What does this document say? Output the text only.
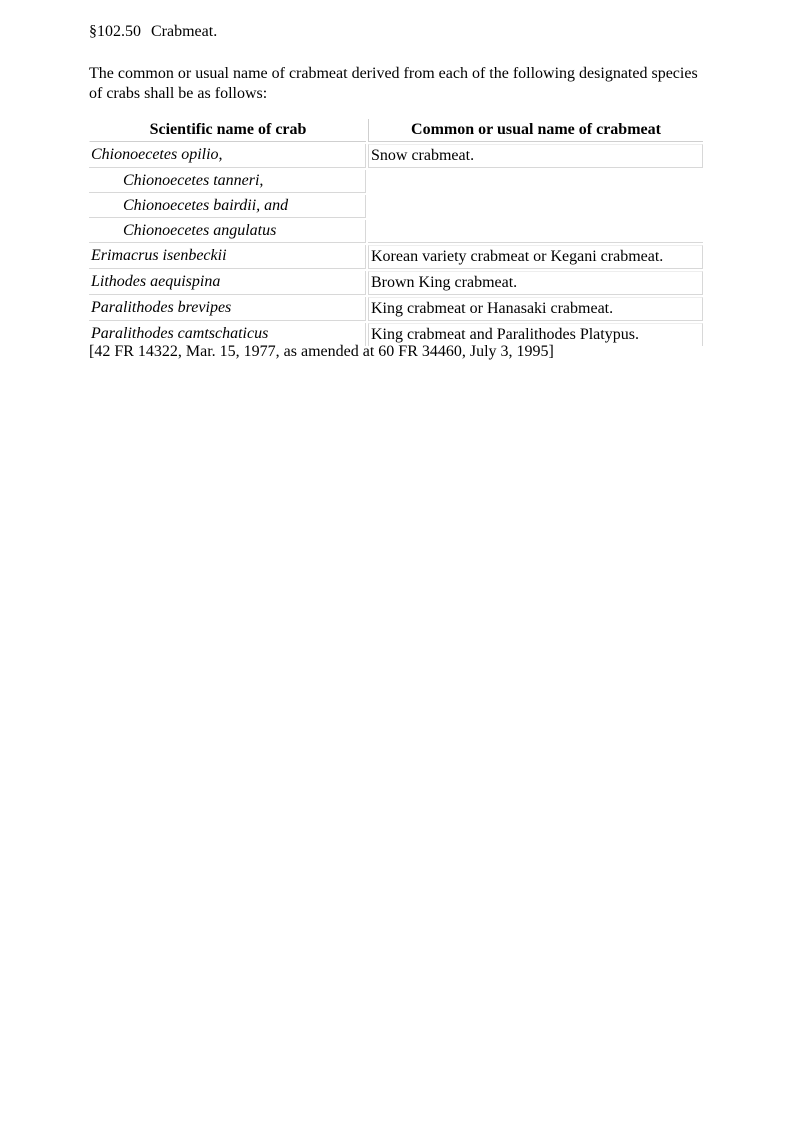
§102.50 Crabmeat.

The common or usual name of crabmeat derived from each of the following designated species of crabs shall be as follows:

Scientific name of crab	Common or usual name of crabmeat
Chionoecetes opilio,	Snow crabmeat.
Chionoecetes tanneri,	
Chionoecetes bairdii, and	
Chionoecetes angulatus	
Erimacrus isenbeckii	Korean variety crabmeat or Kegani crabmeat.
Lithodes aequispina	Brown King crabmeat.
Paralithodes brevipes	King crabmeat or Hanasaki crabmeat.
Paralithodes camtschaticus	King crabmeat and Paralithodes Platypus.

[42 FR 14322, Mar. 15, 1977, as amended at 60 FR 34460, July 3, 1995]
